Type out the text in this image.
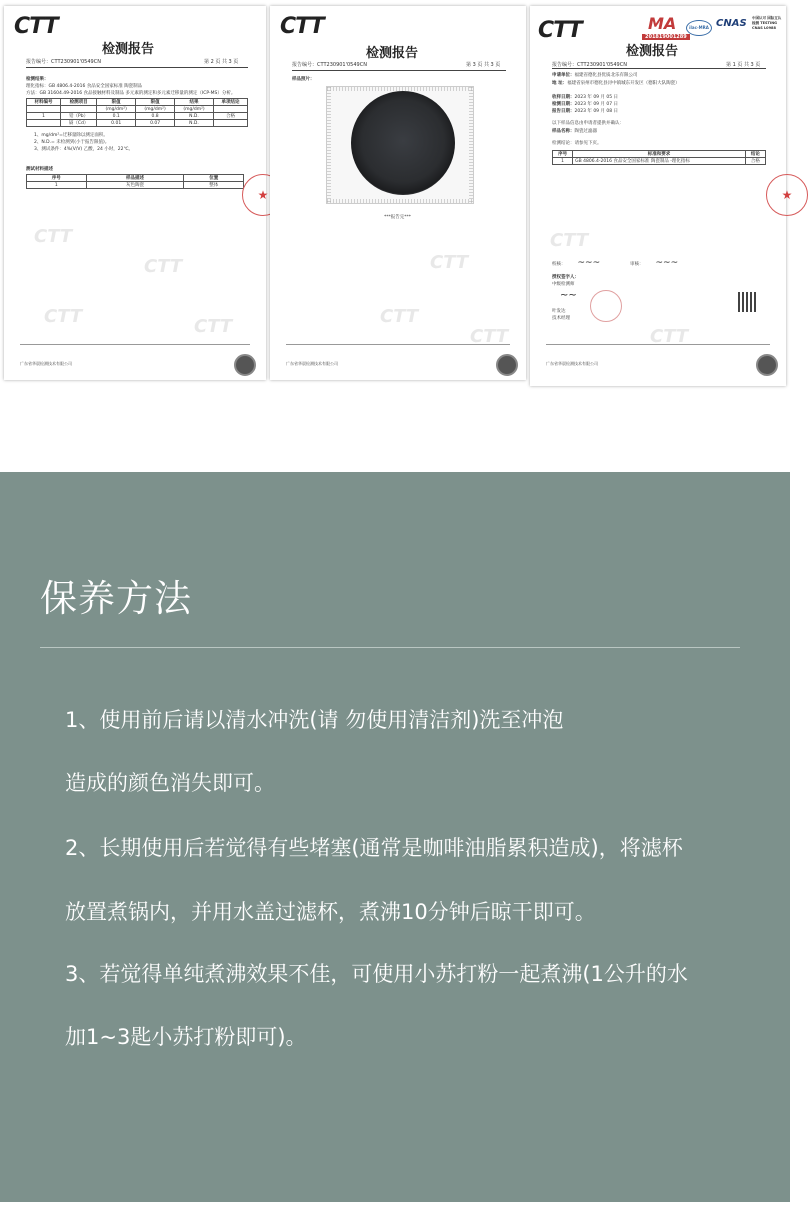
CTT
检测报告
报告编号：CTT230901'0549CN	第 2 页 共 3 页
检测结果：
理化指标：GB 4806.4-2016 食品安全国家标准 陶瓷制品
方法：GB 31604.49-2016 食品接触材料及制品 多元素的测定和多元素迁移量的测定（ICP-MS）分析。
材料编号	检测项目	限值	限值	结果	单项结论
		(mg/dm²)	(mg/dm²)	(mg/dm²)	
1	铅（Pb）	0.1	0.8	N.D.	合格
	镉（Cd）	0.01	0.07	N.D.	
1、mg/dm²=迁移量除以测定面积。
2、N.D.= 未检测到(小于报告限值)。
3、测试条件：4%(V/V) 乙酸，24 小时，22℃。
测试材料描述
序号	样品描述	位置
1	灰色陶瓷	整体
★
CTT
CTT
CTT	CTT
广东省华晨检测技术有限公司
CTT
检测报告
报告编号：CTT230901'0549CN	第 3 页 共 3 页
样品照片：
***报告完***
CTT
CTT
CTT
广东省华晨检测技术有限公司
CTT	MA	ilac-MRA CNAS 中国认可 国际互认 检测 TESTING CNAS L0988
201819001289
检测报告
报告编号：CTT230901'0549CN	第 1 页 共 3 页
申请单位：福建省德化县优质北乐有限公司
地 址：福建省泉州市德化县浔中镇城东开发区（德阳大队陶瓷）
收样日期：2023 年 09 月 05 日
检测日期：2023 年 09 月 07 日
报告日期：2023 年 09 月 08 日
以下样品信息由申请者提供并确认：
样品名称：陶瓷过滤器
检测结论：请参见下页。
序号	标准和要求	结论
1	GB 4806.4-2016 食品安全国家标准 陶瓷制品 -理化指标	合格
★
校核： ~~~	审核： ~~~
授权签字人：
中级检测师
~~
叶发达
技术经理
CTT
CTT
广东省华晨检测技术有限公司
保养方法
1、使用前后请以清水冲洗(请 勿使用清洁剂)洗至冲泡
造成的颜色消失即可。
2、长期使用后若觉得有些堵塞(通常是咖啡油脂累积造成)，将滤杯
放置煮锅内，并用水盖过滤杯，煮沸10分钟后晾干即可。
3、若觉得单纯煮沸效果不佳，可使用小苏打粉一起煮沸(1公升的水
加1~3匙小苏打粉即可)。
